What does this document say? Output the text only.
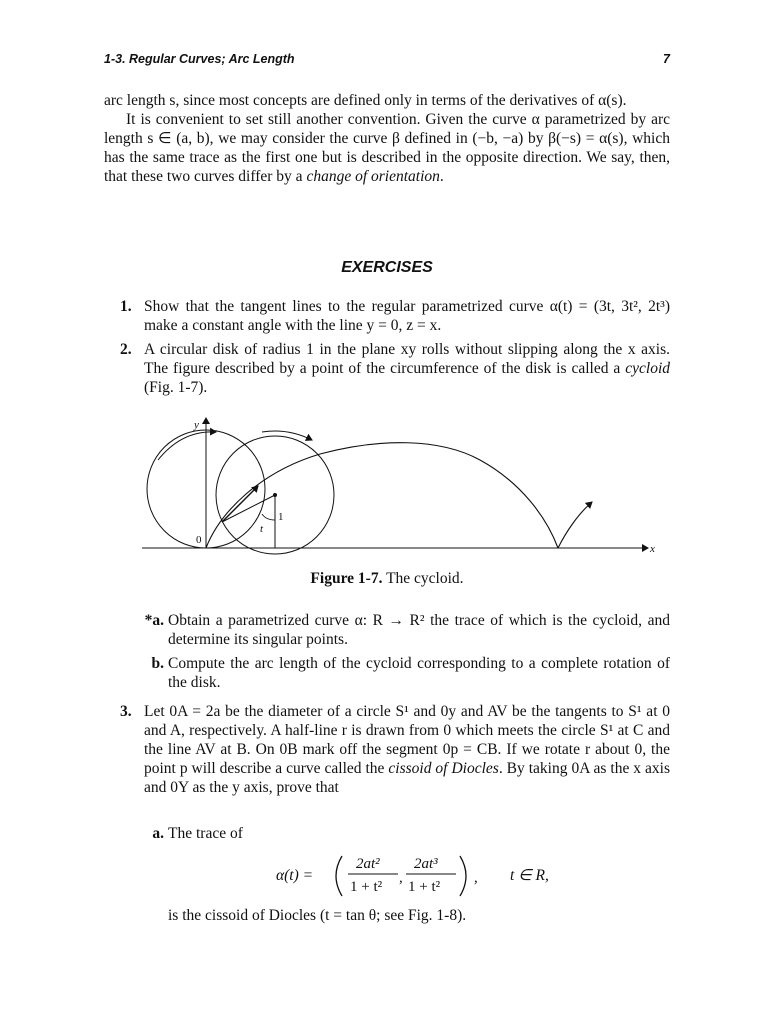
1-3. Regular Curves; Arc Length	7

arc length s, since most concepts are defined only in terms of the derivatives of α(s).

It is convenient to set still another convention. Given the curve α parametrized by arc length s ∈ (a, b), we may consider the curve β defined in (−b, −a) by β(−s) = α(s), which has the same trace as the first one but is described in the opposite direction. We say, then, that these two curves differ by a change of orientation.

EXERCISES
1. Show that the tangent lines to the regular parametrized curve α(t) = (3t, 3t², 2t³) make a constant angle with the line y = 0, z = x.
2. A circular disk of radius 1 in the plane xy rolls without slipping along the x axis. The figure described by a point of the circumference of the disk is called a cycloid (Fig. 1-7).
x
y
0
t
1
Figure 1-7. The cycloid.
*a. Obtain a parametrized curve α: R → R² the trace of which is the cycloid, and determine its singular points.
b. Compute the arc length of the cycloid corresponding to a complete rotation of the disk.
3. Let 0A = 2a be the diameter of a circle S¹ and 0y and AV be the tangents to S¹ at 0 and A, respectively. A half-line r is drawn from 0 which meets the circle S¹ at C and the line AV at B. On 0B mark off the segment 0p = CB. If we rotate r about 0, the point p will describe a curve called the cissoid of Diocles. By taking 0A as the x axis and 0Y as the y axis, prove that
a. The trace of
α(t) =
2at²
1 + t²
,
2at³
1 + t²
, t ∈ R,
is the cissoid of Diocles (t = tan θ; see Fig. 1-8).
